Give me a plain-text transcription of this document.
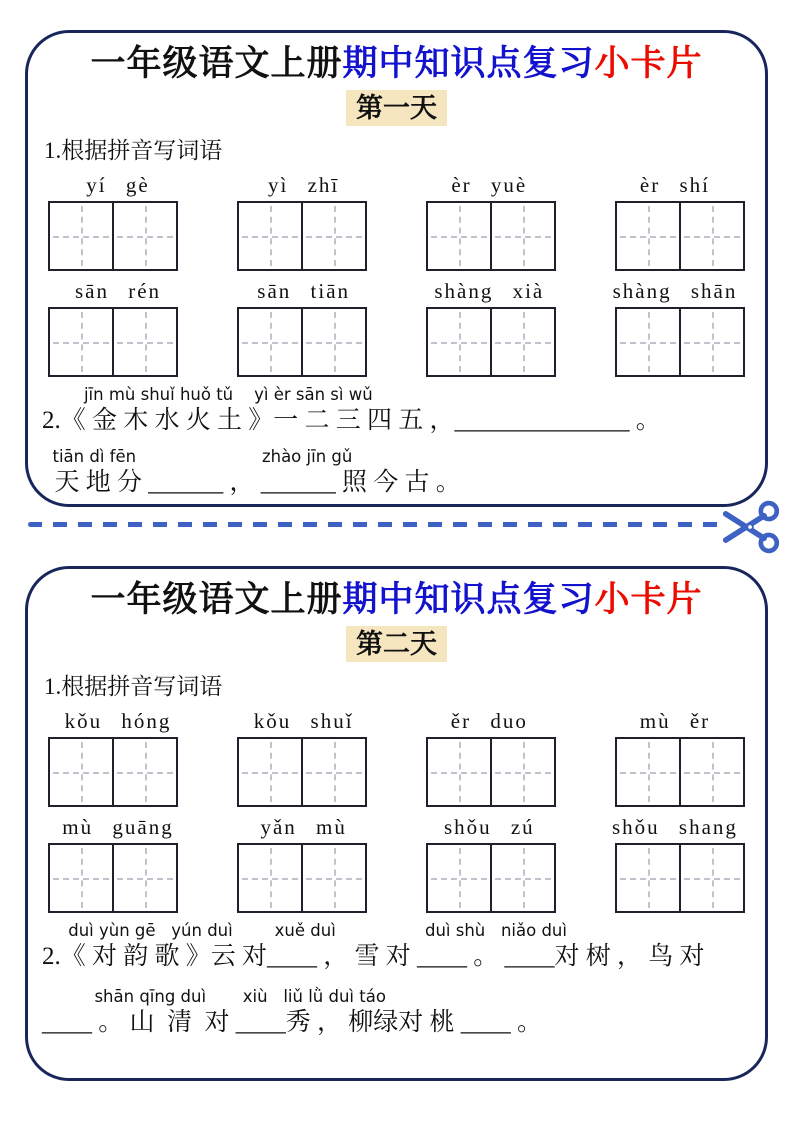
一年级语文上册期中知识点复习小卡片
第一天
1.根据拼音写词语
yí gè	yì zhī	èr yuè	èr shí
sān rén	sān tiān	shàng xià	shàng shān
jīn mù shuǐ huǒ tǔ    yì èr sān sì wǔ
2.《 金 木 水 火 土 》一 二 三 四 五 ，______________ 。
tiān dì fēn                        zhào jīn gǔ
天 地 分 ______ ， ______ 照 今 古 。
一年级语文上册期中知识点复习小卡片
第二天
1.根据拼音写词语
kǒu hóng	kǒu shuǐ	ěr duo	mù ěr
mù guāng	yǎn mù	shǒu zú	shǒu shang
duì yùn gē   yún duì        xuě duì                 duì shù   niǎo duì
2.《 对 韵 歌 》云 对____ ， 雪 对 ____ 。 ____对 树 ， 鸟 对
shān qīng duì       xiù   liǔ lǜ duì táo
____ 。 山  清  对 ____秀 ， 柳绿对 桃 ____ 。
